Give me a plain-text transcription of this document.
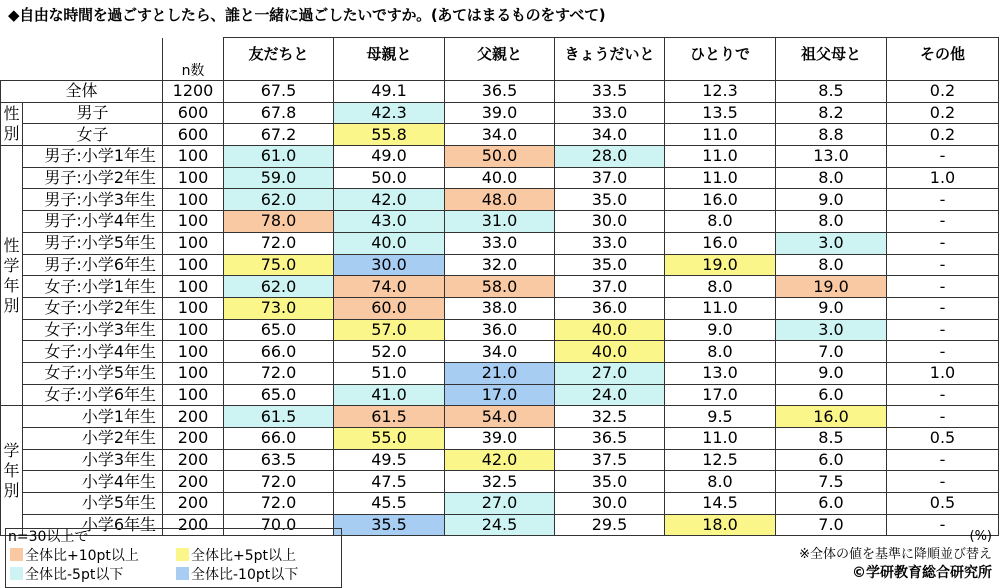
◆自由な時間を過ごすとしたら、誰と一緒に過ごしたいですか。(あてはまるものをすべて)
		n数	友だちと	母親と	父親と	きょうだいと	ひとりで	祖父母と	その他

全体		1200	67.5	49.1	36.5	33.5	12.3	8.5	0.2

性
別	男子	600	67.8	42.3	39.0	33.0	13.5	8.2	0.2
	女子	600	67.2	55.8	34.0	34.0	11.0	8.8	0.2

性
学
年
別	男子:小学1年生	100	61.0	49.0	50.0	28.0	11.0	13.0	-
	男子:小学2年生	100	59.0	50.0	40.0	37.0	11.0	8.0	1.0
	男子:小学3年生	100	62.0	42.0	48.0	35.0	16.0	9.0	-
	男子:小学4年生	100	78.0	43.0	31.0	30.0	8.0	8.0	-
	男子:小学5年生	100	72.0	40.0	33.0	33.0	16.0	3.0	-
	男子:小学6年生	100	75.0	30.0	32.0	35.0	19.0	8.0	-
	女子:小学1年生	100	62.0	74.0	58.0	37.0	8.0	19.0	-
	女子:小学2年生	100	73.0	60.0	38.0	36.0	11.0	9.0	-
	女子:小学3年生	100	65.0	57.0	36.0	40.0	9.0	3.0	-
	女子:小学4年生	100	66.0	52.0	34.0	40.0	8.0	7.0	-
	女子:小学5年生	100	72.0	51.0	21.0	27.0	13.0	9.0	1.0
	女子:小学6年生	100	65.0	41.0	17.0	24.0	17.0	6.0	-

学
年
別	小学1年生	200	61.5	61.5	54.0	32.5	9.5	16.0	-
	小学2年生	200	66.0	55.0	39.0	36.5	11.0	8.5	0.5
	小学3年生	200	63.5	49.5	42.0	37.5	12.5	6.0	-
	小学4年生	200	72.0	47.5	32.5	35.0	8.0	7.5	-
	小学5年生	200	72.0	45.5	27.0	30.0	14.5	6.0	0.5
	小学6年生	200	70.0	35.5	24.5	29.5	18.0	7.0	-
n=30以上で
全体比+10pt以上	全体比+5pt以上
全体比-5pt以下	全体比-10pt以下
(%)
※全体の値を基準に降順並び替え
©学研教育総合研究所
